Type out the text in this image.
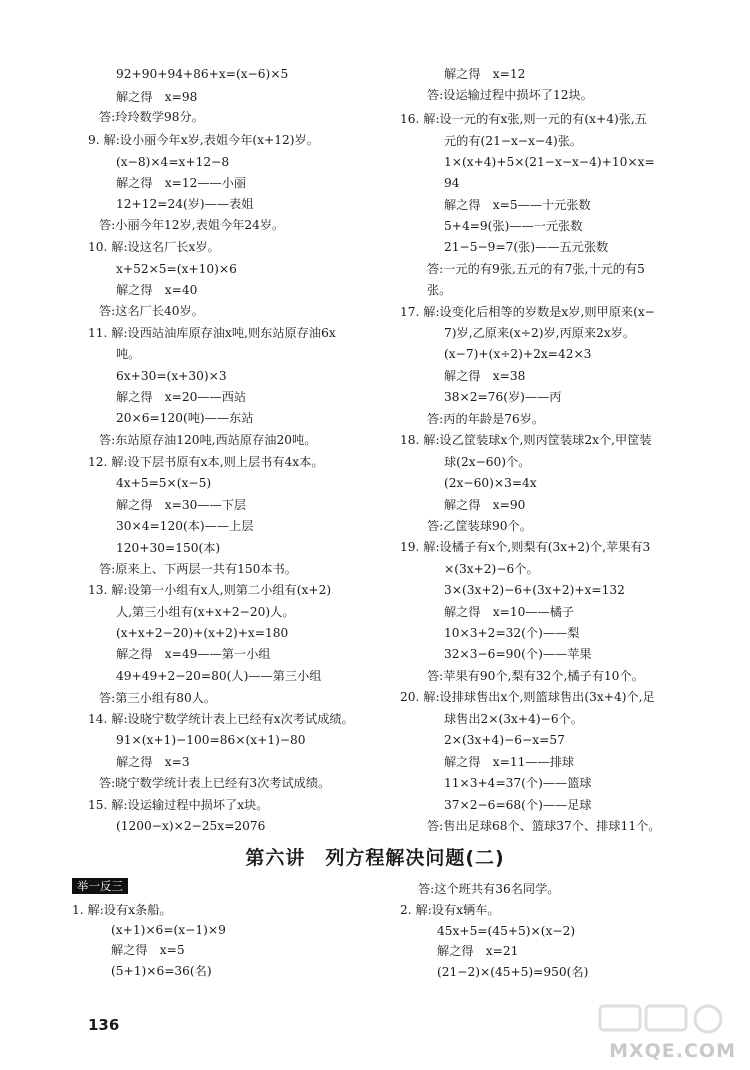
92+90+94+86+x=(x−6)×5
解之得　x=98
答:玲玲数学98分。
9. 解:设小丽今年x岁,表姐今年(x+12)岁。
(x−8)×4=x+12−8
解之得　x=12——小丽
12+12=24(岁)——表姐
答:小丽今年12岁,表姐今年24岁。
10. 解:设这名厂长x岁。
x+52×5=(x+10)×6
解之得　x=40
答:这名厂长40岁。
11. 解:设西站油库原存油x吨,则东站原存油6x
吨。
6x+30=(x+30)×3
解之得　x=20——西站
20×6=120(吨)——东站
答:东站原存油120吨,西站原存油20吨。
12. 解:设下层书原有x本,则上层书有4x本。
4x+5=5×(x−5)
解之得　x=30——下层
30×4=120(本)——上层
120+30=150(本)
答:原来上、下两层一共有150本书。
13. 解:设第一小组有x人,则第二小组有(x+2)
人,第三小组有(x+x+2−20)人。
(x+x+2−20)+(x+2)+x=180
解之得　x=49——第一小组
49+49+2−20=80(人)——第三小组
答:第三小组有80人。
14. 解:设晓宁数学统计表上已经有x次考试成绩。
91×(x+1)−100=86×(x+1)−80
解之得　x=3
答:晓宁数学统计表上已经有3次考试成绩。
15. 解:设运输过程中损坏了x块。
(1200−x)×2−25x=2076
解之得　x=12
答:设运输过程中损坏了12块。
16. 解:设一元的有x张,则一元的有(x+4)张,五
元的有(21−x−x−4)张。
1×(x+4)+5×(21−x−x−4)+10×x=
94
解之得　x=5——十元张数
5+4=9(张)——一元张数
21−5−9=7(张)——五元张数
答:一元的有9张,五元的有7张,十元的有5
张。
17. 解:设变化后相等的岁数是x岁,则甲原来(x−
7)岁,乙原来(x÷2)岁,丙原来2x岁。
(x−7)+(x÷2)+2x=42×3
解之得　x=38
38×2=76(岁)——丙
答:丙的年龄是76岁。
18. 解:设乙筐装球x个,则丙筐装球2x个,甲筐装
球(2x−60)个。
(2x−60)×3=4x
解之得　x=90
答:乙筐装球90个。
19. 解:设橘子有x个,则梨有(3x+2)个,苹果有3
×(3x+2)−6个。
3×(3x+2)−6+(3x+2)+x=132
解之得　x=10——橘子
10×3+2=32(个)——梨
32×3−6=90(个)——苹果
答:苹果有90个,梨有32个,橘子有10个。
20. 解:设排球售出x个,则篮球售出(3x+4)个,足
球售出2×(3x+4)−6个。
2×(3x+4)−6−x=57
解之得　x=11——排球
11×3+4=37(个)——篮球
37×2−6=68(个)——足球
答:售出足球68个、篮球37个、排球11个。
第六讲　列方程解决问题(二)
举一反三
1. 解:设有x条船。
(x+1)×6=(x−1)×9
解之得　x=5
(5+1)×6=36(名)
答:这个班共有36名同学。
2. 解:设有x辆车。
45x+5=(45+5)×(x−2)
解之得　x=21
(21−2)×(45+5)=950(名)
136
MXQE.COM
